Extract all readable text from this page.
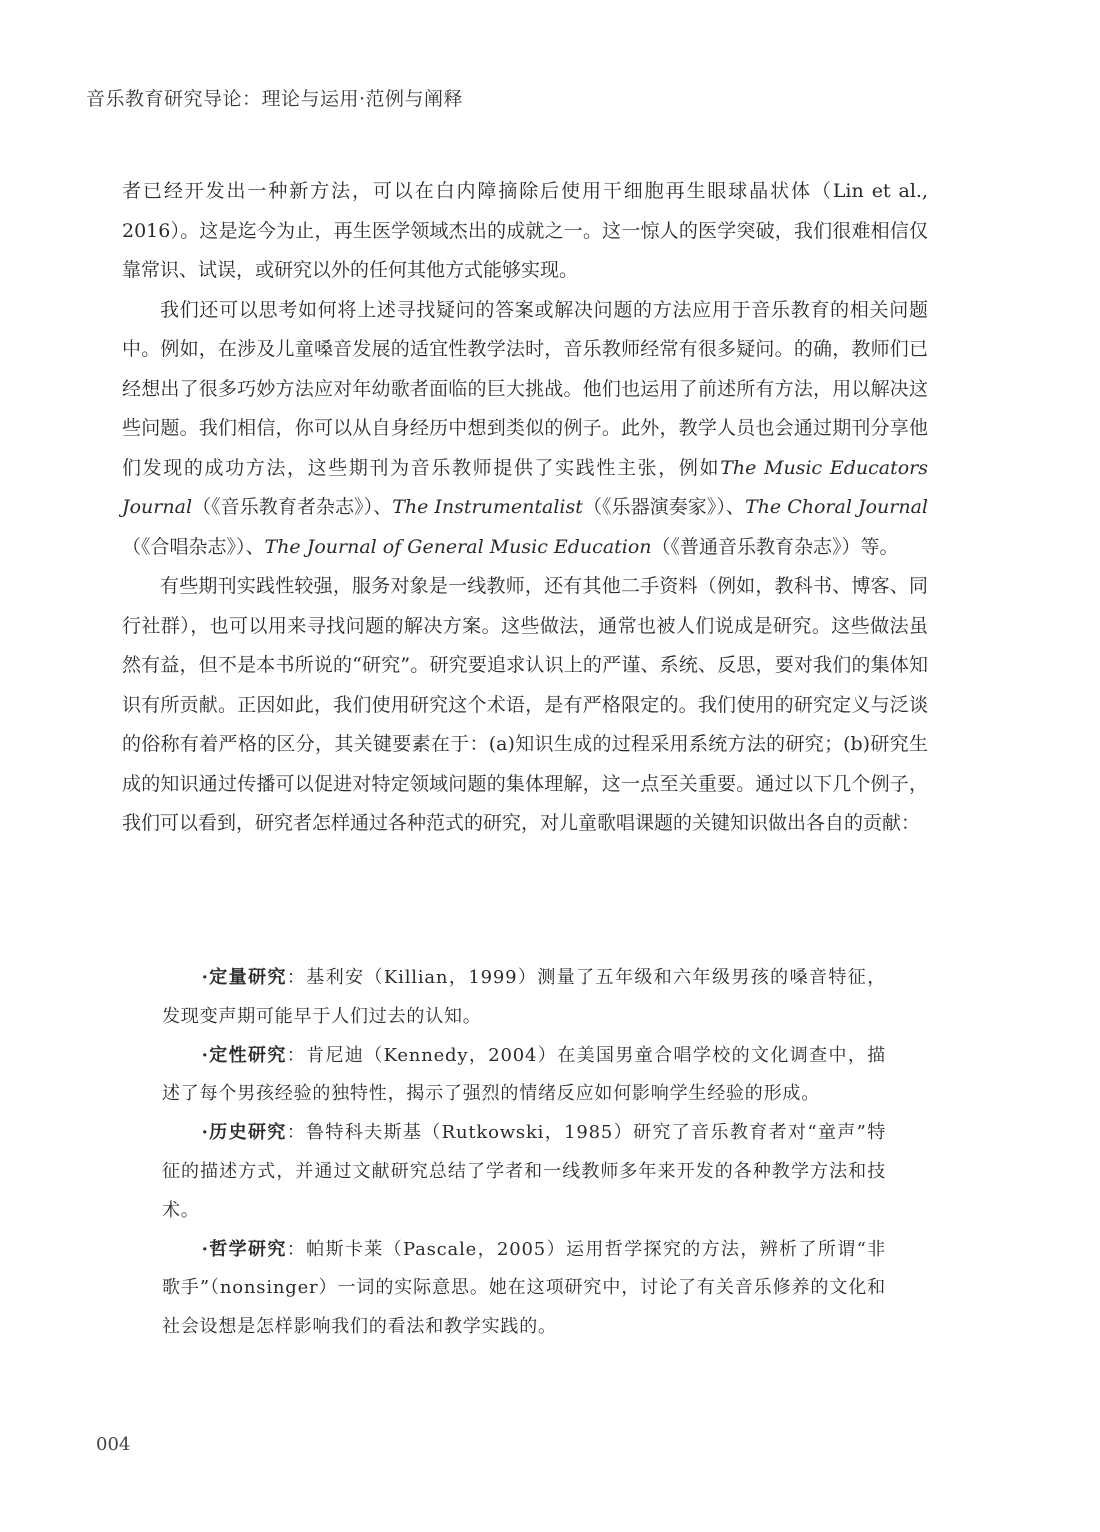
音乐教育研究导论：理论与运用·范例与阐释

者已经开发出一种新方法，可以在白内障摘除后使用干细胞再生眼球晶状体（Lin et al., 2016）。这是迄今为止，再生医学领域杰出的成就之一。这一惊人的医学突破，我们很难相信仅靠常识、试误，或研究以外的任何其他方式能够实现。

我们还可以思考如何将上述寻找疑问的答案或解决问题的方法应用于音乐教育的相关问题中。例如，在涉及儿童嗓音发展的适宜性教学法时，音乐教师经常有很多疑问。的确，教师们已经想出了很多巧妙方法应对年幼歌者面临的巨大挑战。他们也运用了前述所有方法，用以解决这些问题。我们相信，你可以从自身经历中想到类似的例子。此外，教学人员也会通过期刊分享他们发现的成功方法，这些期刊为音乐教师提供了实践性主张，例如The Music Educators Journal（《音乐教育者杂志》）、The Instrumentalist（《乐器演奏家》）、The Choral Journal（《合唱杂志》）、The Journal of General Music Education（《普通音乐教育杂志》）等。

有些期刊实践性较强，服务对象是一线教师，还有其他二手资料（例如，教科书、博客、同行社群），也可以用来寻找问题的解决方案。这些做法，通常也被人们说成是研究。这些做法虽然有益，但不是本书所说的“研究”。研究要追求认识上的严谨、系统、反思，要对我们的集体知识有所贡献。正因如此，我们使用研究这个术语，是有严格限定的。我们使用的研究定义与泛谈的俗称有着严格的区分，其关键要素在于：(a)知识生成的过程采用系统方法的研究；(b)研究生成的知识通过传播可以促进对特定领域问题的集体理解，这一点至关重要。通过以下几个例子，我们可以看到，研究者怎样通过各种范式的研究，对儿童歌唱课题的关键知识做出各自的贡献：

·定量研究：基利安（Killian，1999）测量了五年级和六年级男孩的嗓音特征，发现变声期可能早于人们过去的认知。

·定性研究：肯尼迪（Kennedy，2004）在美国男童合唱学校的文化调查中，描述了每个男孩经验的独特性，揭示了强烈的情绪反应如何影响学生经验的形成。

·历史研究：鲁特科夫斯基（Rutkowski，1985）研究了音乐教育者对“童声”特征的描述方式，并通过文献研究总结了学者和一线教师多年来开发的各种教学方法和技术。

·哲学研究：帕斯卡莱（Pascale，2005）运用哲学探究的方法，辨析了所谓“非歌手”（nonsinger）一词的实际意思。她在这项研究中，讨论了有关音乐修养的文化和社会设想是怎样影响我们的看法和教学实践的。

004
